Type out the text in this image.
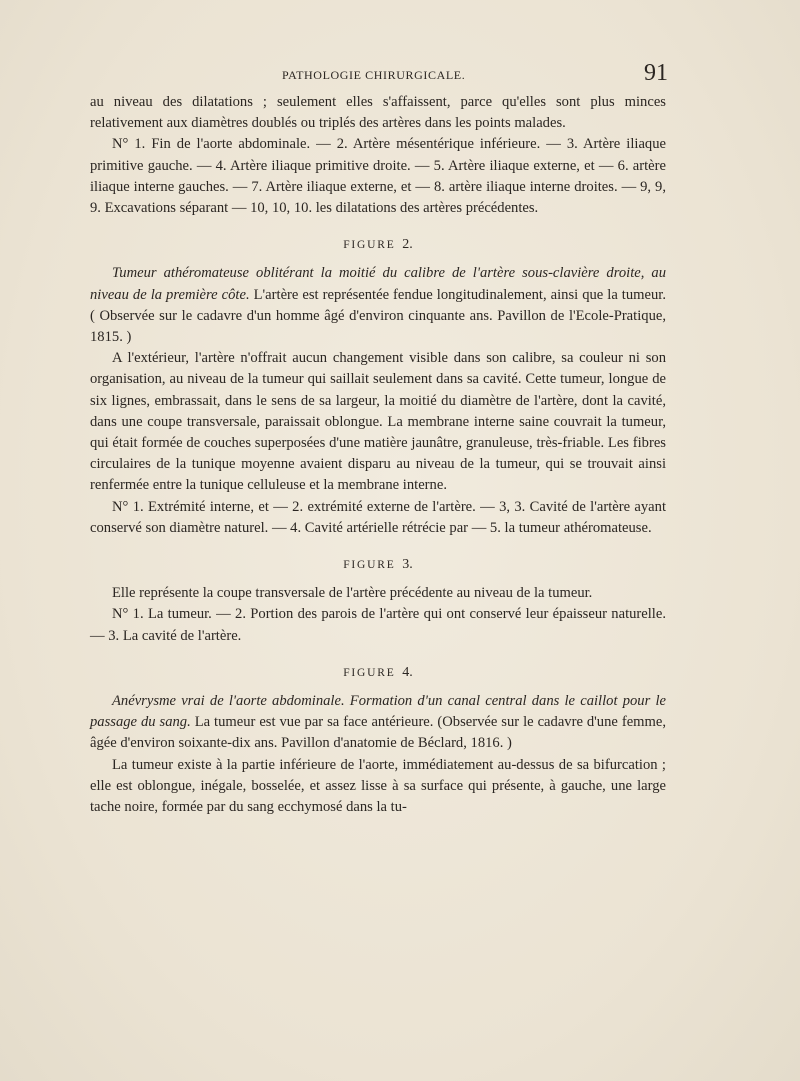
PATHOLOGIE CHIRURGICALE.	91

au niveau des dilatations ; seulement elles s'affaissent, parce qu'elles sont plus minces relativement aux diamètres doublés ou triplés des artères dans les points malades.

N° 1. Fin de l'aorte abdominale. — 2. Artère mésentérique inférieure. — 3. Artère iliaque primitive gauche. — 4. Artère iliaque primitive droite. — 5. Artère iliaque externe, et — 6. artère iliaque interne gauches. — 7. Artère iliaque externe, et — 8. artère iliaque interne droites. — 9, 9, 9. Excavations séparant — 10, 10, 10. les dilatations des artères précédentes.

FIGURE 2.

Tumeur athéromateuse oblitérant la moitié du calibre de l'artère sous-clavière droite, au niveau de la première côte. L'artère est représentée fendue longitudinalement, ainsi que la tumeur. ( Observée sur le cadavre d'un homme âgé d'environ cinquante ans. Pavillon de l'Ecole-Pratique, 1815. )

A l'extérieur, l'artère n'offrait aucun changement visible dans son calibre, sa couleur ni son organisation, au niveau de la tumeur qui saillait seulement dans sa cavité. Cette tumeur, longue de six lignes, embrassait, dans le sens de sa largeur, la moitié du diamètre de l'artère, dont la cavité, dans une coupe transversale, paraissait oblongue. La membrane interne saine couvrait la tumeur, qui était formée de couches superposées d'une matière jaunâtre, granuleuse, très-friable. Les fibres circulaires de la tunique moyenne avaient disparu au niveau de la tumeur, qui se trouvait ainsi renfermée entre la tunique celluleuse et la membrane interne.

N° 1. Extrémité interne, et — 2. extrémité externe de l'artère. — 3, 3. Cavité de l'artère ayant conservé son diamètre naturel. — 4. Cavité artérielle rétrécie par — 5. la tumeur athéromateuse.

FIGURE 3.

Elle représente la coupe transversale de l'artère précédente au niveau de la tumeur.

N° 1. La tumeur. — 2. Portion des parois de l'artère qui ont conservé leur épaisseur naturelle. — 3. La cavité de l'artère.

FIGURE 4.

Anévrysme vrai de l'aorte abdominale. Formation d'un canal central dans le caillot pour le passage du sang. La tumeur est vue par sa face antérieure. (Observée sur le cadavre d'une femme, âgée d'environ soixante-dix ans. Pavillon d'anatomie de Béclard, 1816. )

La tumeur existe à la partie inférieure de l'aorte, immédiatement au-dessus de sa bifurcation ; elle est oblongue, inégale, bosselée, et assez lisse à sa surface qui présente, à gauche, une large tache noire, formée par du sang ecchymosé dans la tu-
